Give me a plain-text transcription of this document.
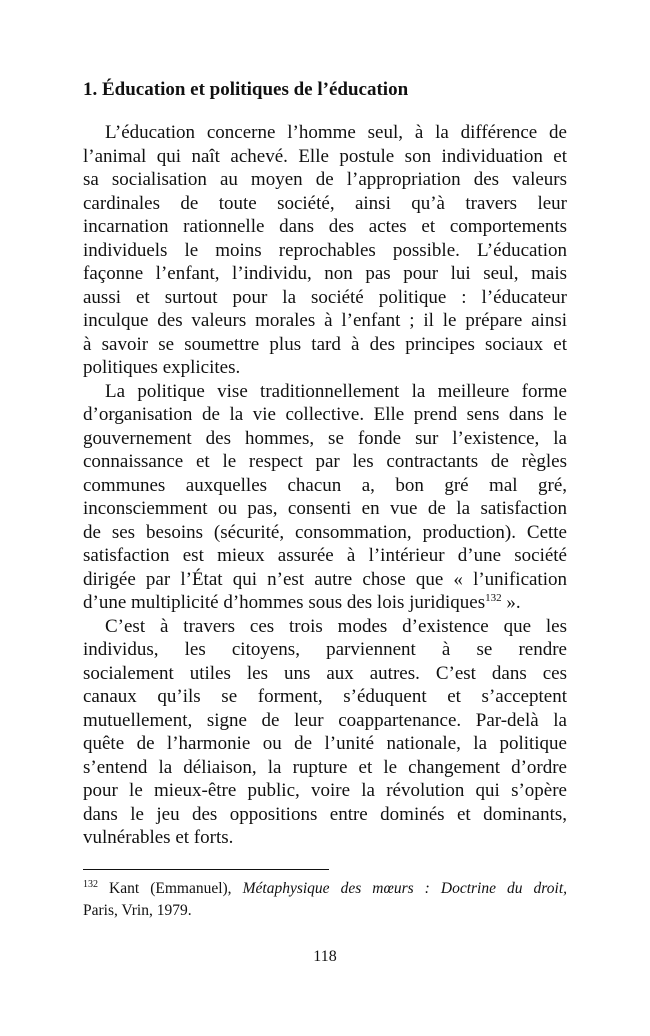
1. Éducation et politiques de l’éducation
L’éducation concerne l’homme seul, à la différence de
l’animal qui naît achevé. Elle postule son individuation et
sa socialisation au moyen de l’appropriation des valeurs
cardinales de toute société, ainsi qu’à travers leur
incarnation rationnelle dans des actes et comportements
individuels le moins reprochables possible. L’éducation
façonne l’enfant, l’individu, non pas pour lui seul, mais
aussi et surtout pour la société politique : l’éducateur
inculque des valeurs morales à l’enfant ; il le prépare ainsi
à savoir se soumettre plus tard à des principes sociaux et
politiques explicites.
La politique vise traditionnellement la meilleure forme
d’organisation de la vie collective. Elle prend sens dans le
gouvernement des hommes, se fonde sur l’existence, la
connaissance et le respect par les contractants de règles
communes auxquelles chacun a, bon gré mal gré,
inconsciemment ou pas, consenti en vue de la satisfaction
de ses besoins (sécurité, consommation, production). Cette
satisfaction est mieux assurée à l’intérieur d’une société
dirigée par l’État qui n’est autre chose que « l’unification
d’une multiplicité d’hommes sous des lois juridiques$^{132}$ ».
C’est à travers ces trois modes d’existence que les
individus, les citoyens, parviennent à se rendre
socialement utiles les uns aux autres. C’est dans ces
canaux qu’ils se forment, s’éduquent et s’acceptent
mutuellement, signe de leur coappartenance. Par-delà la
quête de l’harmonie ou de l’unité nationale, la politique
s’entend la déliaison, la rupture et le changement d’ordre
pour le mieux-être public, voire la révolution qui s’opère
dans le jeu des oppositions entre dominés et dominants,
vulnérables et forts.
$^{132}$ Kant (Emmanuel), Métaphysique des mœurs : Doctrine du droit,
Paris, Vrin, 1979.
118
